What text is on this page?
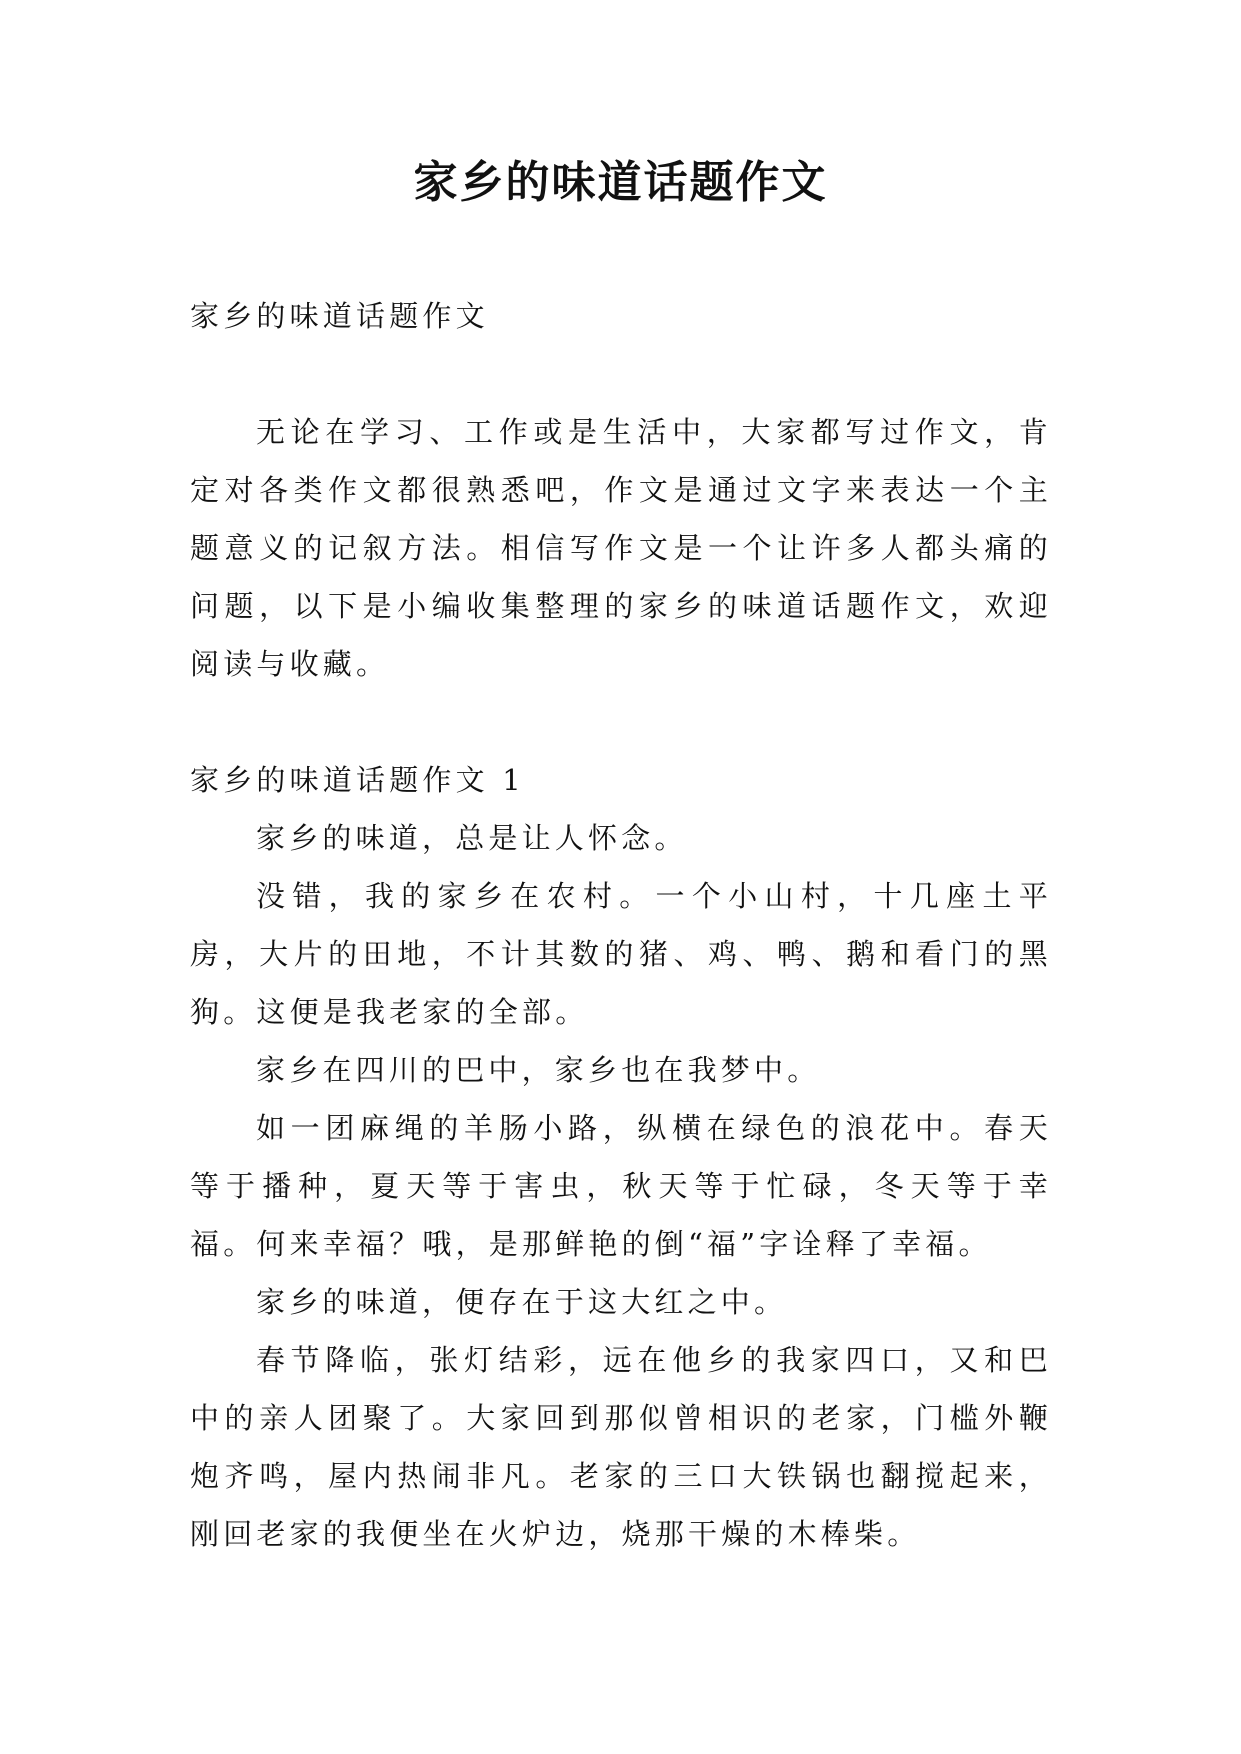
家乡的味道话题作文

家乡的味道话题作文

无论在学习、工作或是生活中，大家都写过作文，肯定对各类作文都很熟悉吧，作文是通过文字来表达一个主题意义的记叙方法。相信写作文是一个让许多人都头痛的问题，以下是小编收集整理的家乡的味道话题作文，欢迎阅读与收藏。

家乡的味道话题作文 1

家乡的味道，总是让人怀念。

没错，我的家乡在农村。一个小山村，十几座土平房，大片的田地，不计其数的猪、鸡、鸭、鹅和看门的黑狗。这便是我老家的全部。

家乡在四川的巴中，家乡也在我梦中。

如一团麻绳的羊肠小路，纵横在绿色的浪花中。春天等于播种，夏天等于害虫，秋天等于忙碌，冬天等于幸福。何来幸福？哦，是那鲜艳的倒“福”字诠释了幸福。

家乡的味道，便存在于这大红之中。

春节降临，张灯结彩，远在他乡的我家四口，又和巴中的亲人团聚了。大家回到那似曾相识的老家，门槛外鞭炮齐鸣，屋内热闹非凡。老家的三口大铁锅也翻搅起来，刚回老家的我便坐在火炉边，烧那干燥的木棒柴。
